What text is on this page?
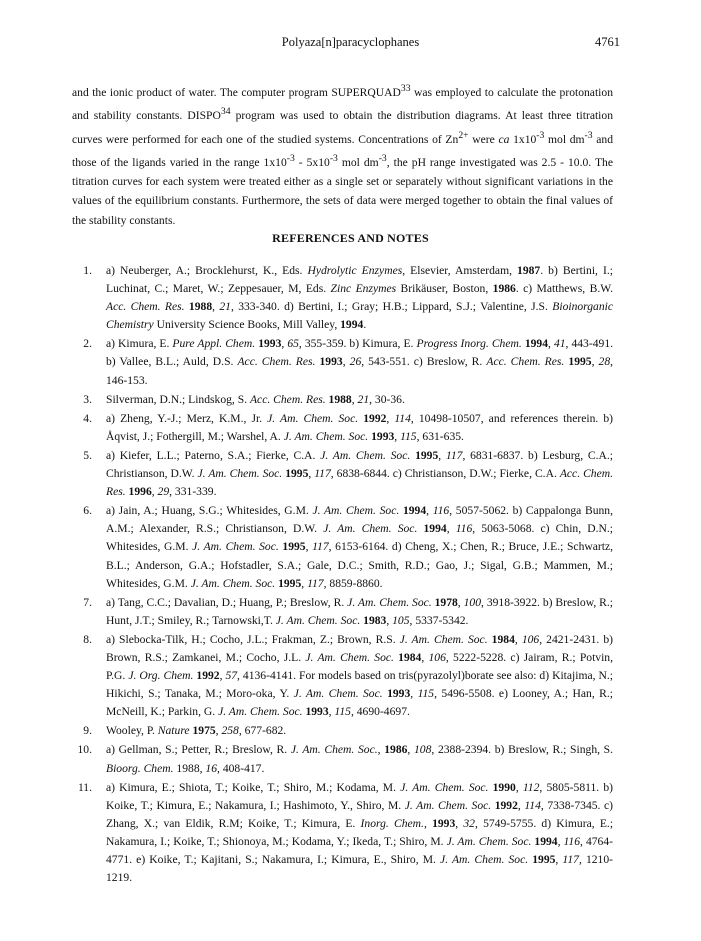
Polyaza[n]paracyclophanes	4761
and the ionic product of water. The computer program SUPERQUAD$^{33}$ was employed to calculate the protonation and stability constants. DISPO$^{34}$ program was used to obtain the distribution diagrams. At least three titration curves were performed for each one of the studied systems. Concentrations of $Zn^{2+}$ were ca $1x10^{-3}$ mol $dm^{-3}$ and those of the ligands varied in the range $1x10^{-3} - 5x10^{-3}$ mol $dm^{-3}$, the pH range investigated was 2.5 - 10.0. The titration curves for each system were treated either as a single set or separately without significant variations in the values of the equilibrium constants. Furthermore, the sets of data were merged together to obtain the final values of the stability constants.
REFERENCES AND NOTES
1. a) Neuberger, A.; Brocklehurst, K., Eds. Hydrolytic Enzymes, Elsevier, Amsterdam, 1987. b) Bertini, I.; Luchinat, C.; Maret, W.; Zeppesauer, M, Eds. Zinc Enzymes Brikäuser, Boston, 1986. c) Matthews, B.W. Acc. Chem. Res. 1988, 21, 333-340. d) Bertini, I.; Gray; H.B.; Lippard, S.J.; Valentine, J.S. Bioinorganic Chemistry University Science Books, Mill Valley, 1994.
2. a) Kimura, E. Pure Appl. Chem. 1993, 65, 355-359. b) Kimura, E. Progress Inorg. Chem. 1994, 41, 443-491. b) Vallee, B.L.; Auld, D.S. Acc. Chem. Res. 1993, 26, 543-551. c) Breslow, R. Acc. Chem. Res. 1995, 28, 146-153.
3. Silverman, D.N.; Lindskog, S. Acc. Chem. Res. 1988, 21, 30-36.
4. a) Zheng, Y.-J.; Merz, K.M., Jr. J. Am. Chem. Soc. 1992, 114, 10498-10507, and references therein. b) Åqvist, J.; Fothergill, M.; Warshel, A. J. Am. Chem. Soc. 1993, 115, 631-635.
5. a) Kiefer, L.L.; Paterno, S.A.; Fierke, C.A. J. Am. Chem. Soc. 1995, 117, 6831-6837. b) Lesburg, C.A.; Christianson, D.W. J. Am. Chem. Soc. 1995, 117, 6838-6844. c) Christianson, D.W.; Fierke, C.A. Acc. Chem. Res. 1996, 29, 331-339.
6. a) Jain, A.; Huang, S.G.; Whitesides, G.M. J. Am. Chem. Soc. 1994, 116, 5057-5062. b) Cappalonga Bunn, A.M.; Alexander, R.S.; Christianson, D.W. J. Am. Chem. Soc. 1994, 116, 5063-5068. c) Chin, D.N.; Whitesides, G.M. J. Am. Chem. Soc. 1995, 117, 6153-6164. d) Cheng, X.; Chen, R.; Bruce, J.E.; Schwartz, B.L.; Anderson, G.A.; Hofstadler, S.A.; Gale, D.C.; Smith, R.D.; Gao, J.; Sigal, G.B.; Mammen, M.; Whitesides, G.M. J. Am. Chem. Soc. 1995, 117, 8859-8860.
7. a) Tang, C.C.; Davalian, D.; Huang, P.; Breslow, R. J. Am. Chem. Soc. 1978, 100, 3918-3922. b) Breslow, R.; Hunt, J.T.; Smiley, R.; Tarnowski,T. J. Am. Chem. Soc. 1983, 105, 5337-5342.
8. a) Slebocka-Tilk, H.; Cocho, J.L.; Frakman, Z.; Brown, R.S. J. Am. Chem. Soc. 1984, 106, 2421-2431. b) Brown, R.S.; Zamkanei, M.; Cocho, J.L. J. Am. Chem. Soc. 1984, 106, 5222-5228. c) Jairam, R.; Potvin, P.G. J. Org. Chem. 1992, 57, 4136-4141. For models based on tris(pyrazolyl)borate see also: d) Kitajima, N.; Hikichi, S.; Tanaka, M.; Moro-oka, Y. J. Am. Chem. Soc. 1993, 115, 5496-5508. e) Looney, A.; Han, R.; McNeill, K.; Parkin, G. J. Am. Chem. Soc. 1993, 115, 4690-4697.
9. Wooley, P. Nature 1975, 258, 677-682.
10. a) Gellman, S.; Petter, R.; Breslow, R. J. Am. Chem. Soc., 1986, 108, 2388-2394. b) Breslow, R.; Singh, S. Bioorg. Chem. 1988, 16, 408-417.
11. a) Kimura, E.; Shiota, T.; Koike, T.; Shiro, M.; Kodama, M. J. Am. Chem. Soc. 1990, 112, 5805-5811. b) Koike, T.; Kimura, E.; Nakamura, I.; Hashimoto, Y., Shiro, M. J. Am. Chem. Soc. 1992, 114, 7338-7345. c) Zhang, X.; van Eldik, R.M; Koike, T.; Kimura, E. Inorg. Chem., 1993, 32, 5749-5755. d) Kimura, E.; Nakamura, I.; Koike, T.; Shionoya, M.; Kodama, Y.; Ikeda, T.; Shiro, M. J. Am. Chem. Soc. 1994, 116, 4764-4771. e) Koike, T.; Kajitani, S.; Nakamura, I.; Kimura, E., Shiro, M. J. Am. Chem. Soc. 1995, 117, 1210-1219.
